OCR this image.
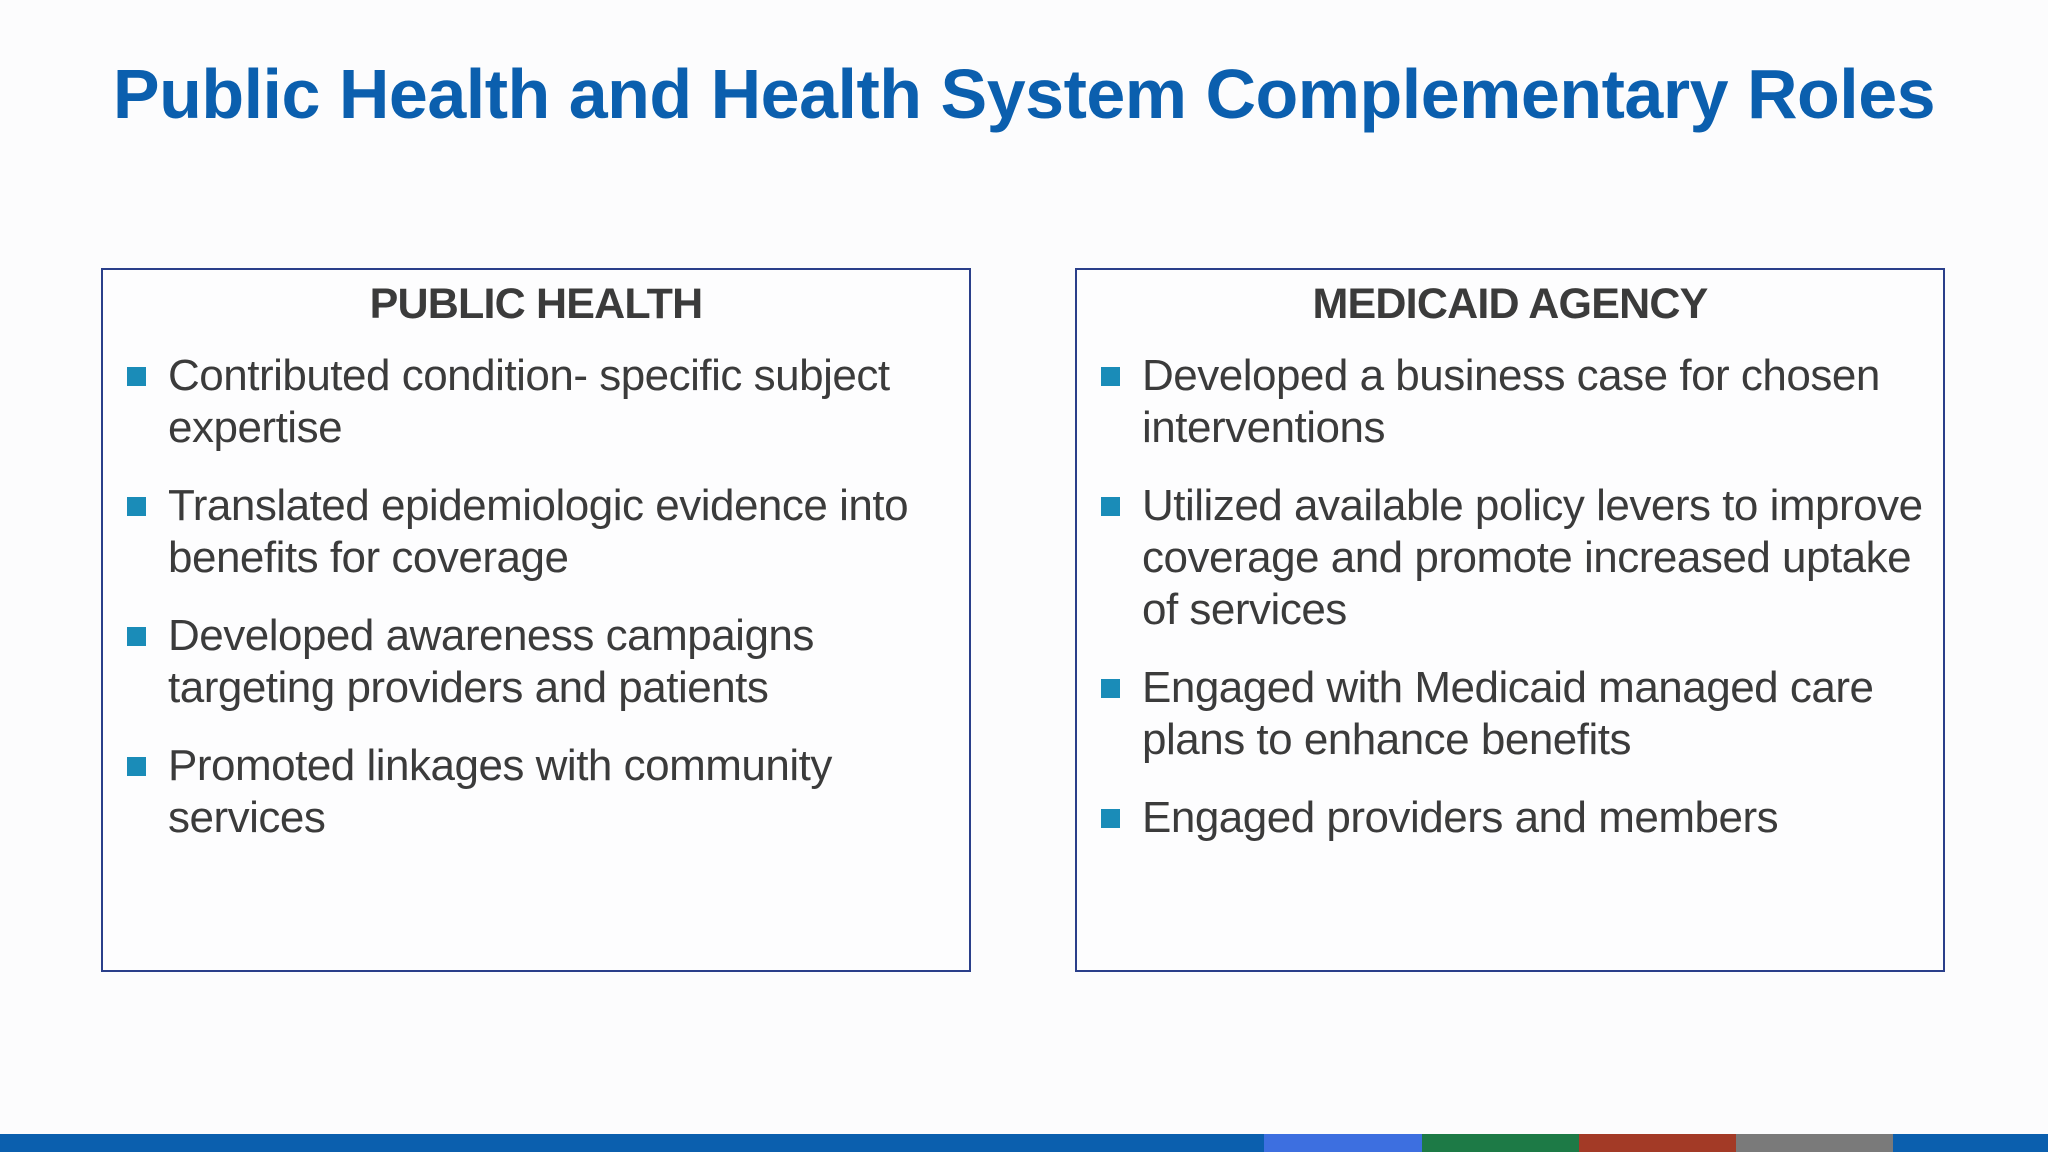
Public Health and Health System Complementary Roles
PUBLIC HEALTH
Contributed condition- specific subject expertise
Translated epidemiologic evidence into benefits for coverage
Developed awareness campaigns targeting providers and patients
Promoted linkages with community services
MEDICAID AGENCY
Developed a business case for chosen interventions
Utilized available policy levers to improve coverage and promote increased uptake of services
Engaged with Medicaid managed care plans to enhance benefits
Engaged providers and members
